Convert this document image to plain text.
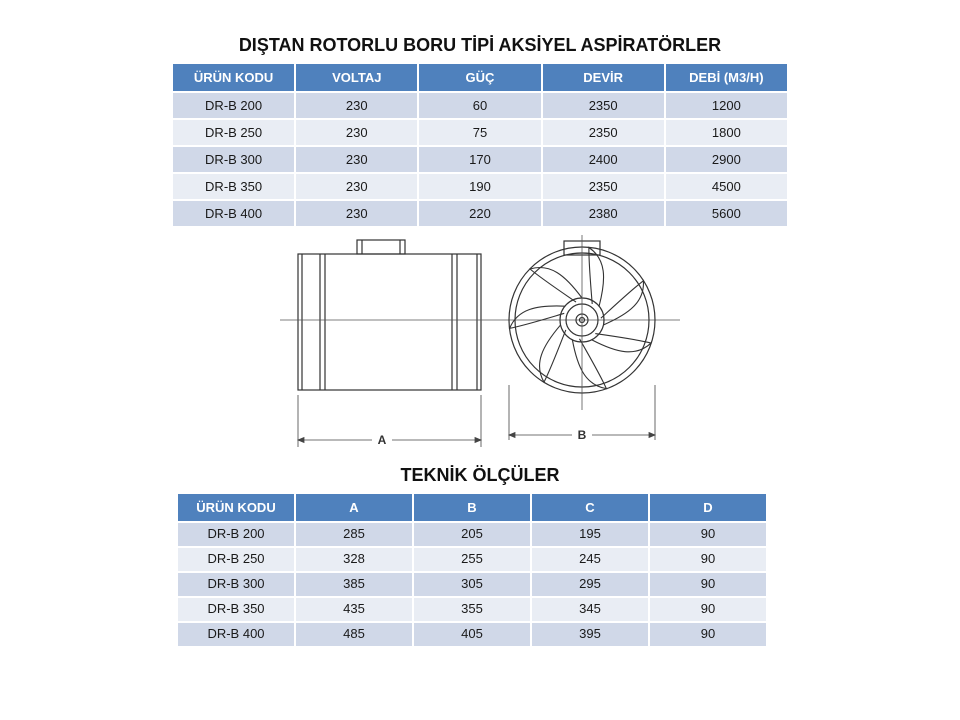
DIŞTAN ROTORLU BORU TİPİ AKSİYEL ASPİRATÖRLER
ÜRÜN KODU	VOLTAJ	GÜÇ	DEVİR	DEBİ (M3/H)
DR-B 200	230	60	2350	1200
DR-B 250	230	75	2350	1800
DR-B 300	230	170	2400	2900
DR-B 350	230	190	2350	4500
DR-B 400	230	220	2380	5600
A	B
TEKNİK ÖLÇÜLER
ÜRÜN KODU	A	B	C	D
DR-B 200	285	205	195	90
DR-B 250	328	255	245	90
DR-B 300	385	305	295	90
DR-B 350	435	355	345	90
DR-B 400	485	405	395	90
